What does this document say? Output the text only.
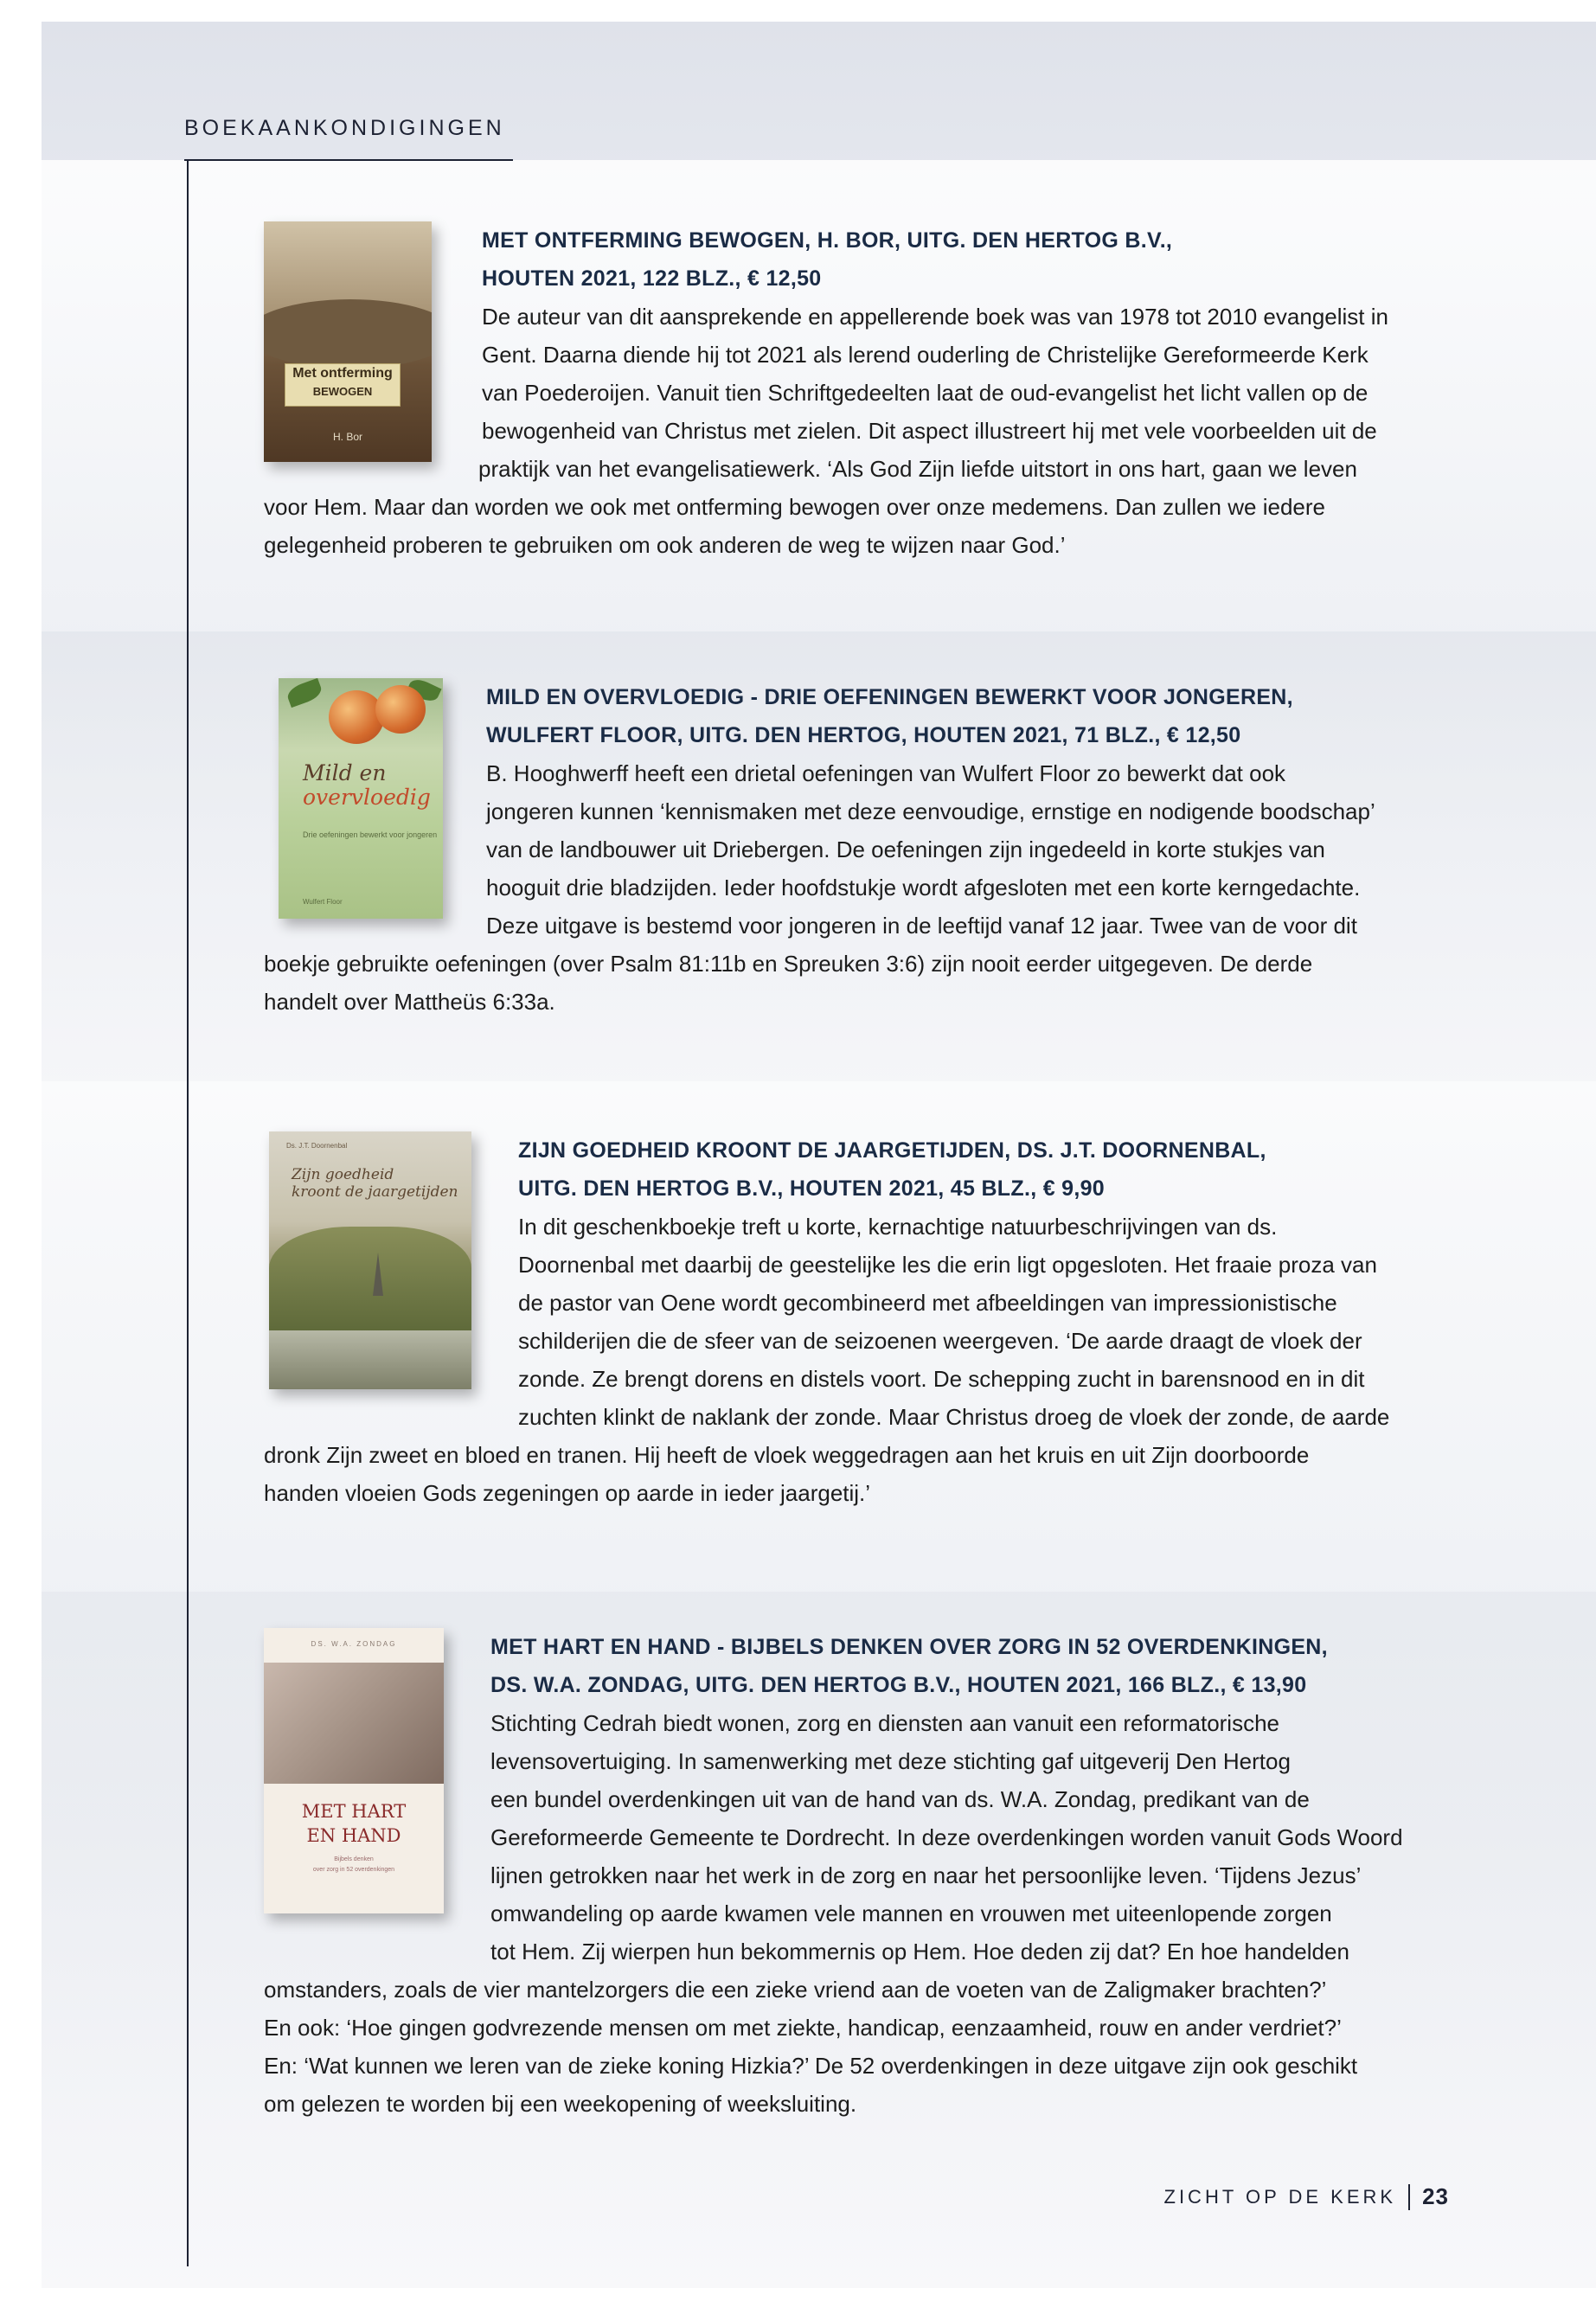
BOEKAANKONDIGINGEN
Met ontferming
BEWOGEN
H. Bor
MET ONTFERMING BEWOGEN, H. BOR, UITG. DEN HERTOG B.V.,
HOUTEN 2021, 122 BLZ., € 12,50
De auteur van dit aansprekende en appellerende boek was van 1978 tot 2010 evangelist in
Gent. Daarna diende hij tot 2021 als lerend ouderling de Christelijke Gereformeerde Kerk
van Poederoijen. Vanuit tien Schriftgedeelten laat de oud-evangelist het licht vallen op de
bewogenheid van Christus met zielen. Dit aspect illustreert hij met vele voorbeelden uit de
praktijk van het evangelisatiewerk. ‘Als God Zijn liefde uitstort in ons hart, gaan we leven
voor Hem. Maar dan worden we ook met ontferming bewogen over onze medemens. Dan zullen we iedere
gelegenheid proberen te gebruiken om ook anderen de weg te wijzen naar God.’
Mild en
overvloedig
Drie oefeningen bewerkt voor jongeren
Wulfert Floor
MILD EN OVERVLOEDIG - DRIE OEFENINGEN BEWERKT VOOR JONGEREN,
WULFERT FLOOR, UITG. DEN HERTOG, HOUTEN 2021, 71 BLZ., € 12,50
B. Hooghwerff heeft een drietal oefeningen van Wulfert Floor zo bewerkt dat ook
jongeren kunnen ‘kennismaken met deze eenvoudige, ernstige en nodigende boodschap’
van de landbouwer uit Driebergen. De oefeningen zijn ingedeeld in korte stukjes van
hooguit drie bladzijden. Ieder hoofdstukje wordt afgesloten met een korte kerngedachte.
Deze uitgave is bestemd voor jongeren in de leeftijd vanaf 12 jaar. Twee van de voor dit
boekje gebruikte oefeningen (over Psalm 81:11b en Spreuken 3:6) zijn nooit eerder uitgegeven. De derde
handelt over Mattheüs 6:33a.
Ds. J.T. Doornenbal
Zijn goedheid
kroont de jaargetijden
ZIJN GOEDHEID KROONT DE JAARGETIJDEN, DS. J.T. DOORNENBAL,
UITG. DEN HERTOG B.V., HOUTEN 2021, 45 BLZ., € 9,90
In dit geschenkboekje treft u korte, kernachtige natuurbeschrijvingen van ds.
Doornenbal met daarbij de geestelijke les die erin ligt opgesloten. Het fraaie proza van
de pastor van Oene wordt gecombineerd met afbeeldingen van impressionistische
schilderijen die de sfeer van de seizoenen weergeven. ‘De aarde draagt de vloek der
zonde. Ze brengt dorens en distels voort. De schepping zucht in barensnood en in dit
zuchten klinkt de naklank der zonde. Maar Christus droeg de vloek der zonde, de aarde
dronk Zijn zweet en bloed en tranen. Hij heeft de vloek weggedragen aan het kruis en uit Zijn doorboorde
handen vloeien Gods zegeningen op aarde in ieder jaargetij.’
DS. W.A. ZONDAG
MET HART
EN HAND
Bijbels denken
over zorg in 52 overdenkingen
MET HART EN HAND - BIJBELS DENKEN OVER ZORG IN 52 OVERDENKINGEN,
DS. W.A. ZONDAG, UITG. DEN HERTOG B.V., HOUTEN 2021, 166 BLZ., € 13,90
Stichting Cedrah biedt wonen, zorg en diensten aan vanuit een reformatorische
levensovertuiging. In samenwerking met deze stichting gaf uitgeverij Den Hertog
een bundel overdenkingen uit van de hand van ds. W.A. Zondag, predikant van de
Gereformeerde Gemeente te Dordrecht. In deze overdenkingen worden vanuit Gods Woord
lijnen getrokken naar het werk in de zorg en naar het persoonlijke leven. ‘Tijdens Jezus’
omwandeling op aarde kwamen vele mannen en vrouwen met uiteenlopende zorgen
tot Hem. Zij wierpen hun bekommernis op Hem. Hoe deden zij dat? En hoe handelden
omstanders, zoals de vier mantelzorgers die een zieke vriend aan de voeten van de Zaligmaker brachten?’
En ook: ‘Hoe gingen godvrezende mensen om met ziekte, handicap, eenzaamheid, rouw en ander verdriet?’
En: ‘Wat kunnen we leren van de zieke koning Hizkia?’ De 52 overdenkingen in deze uitgave zijn ook geschikt
om gelezen te worden bij een weekopening of weeksluiting.
ZICHT OP DE KERK 23
